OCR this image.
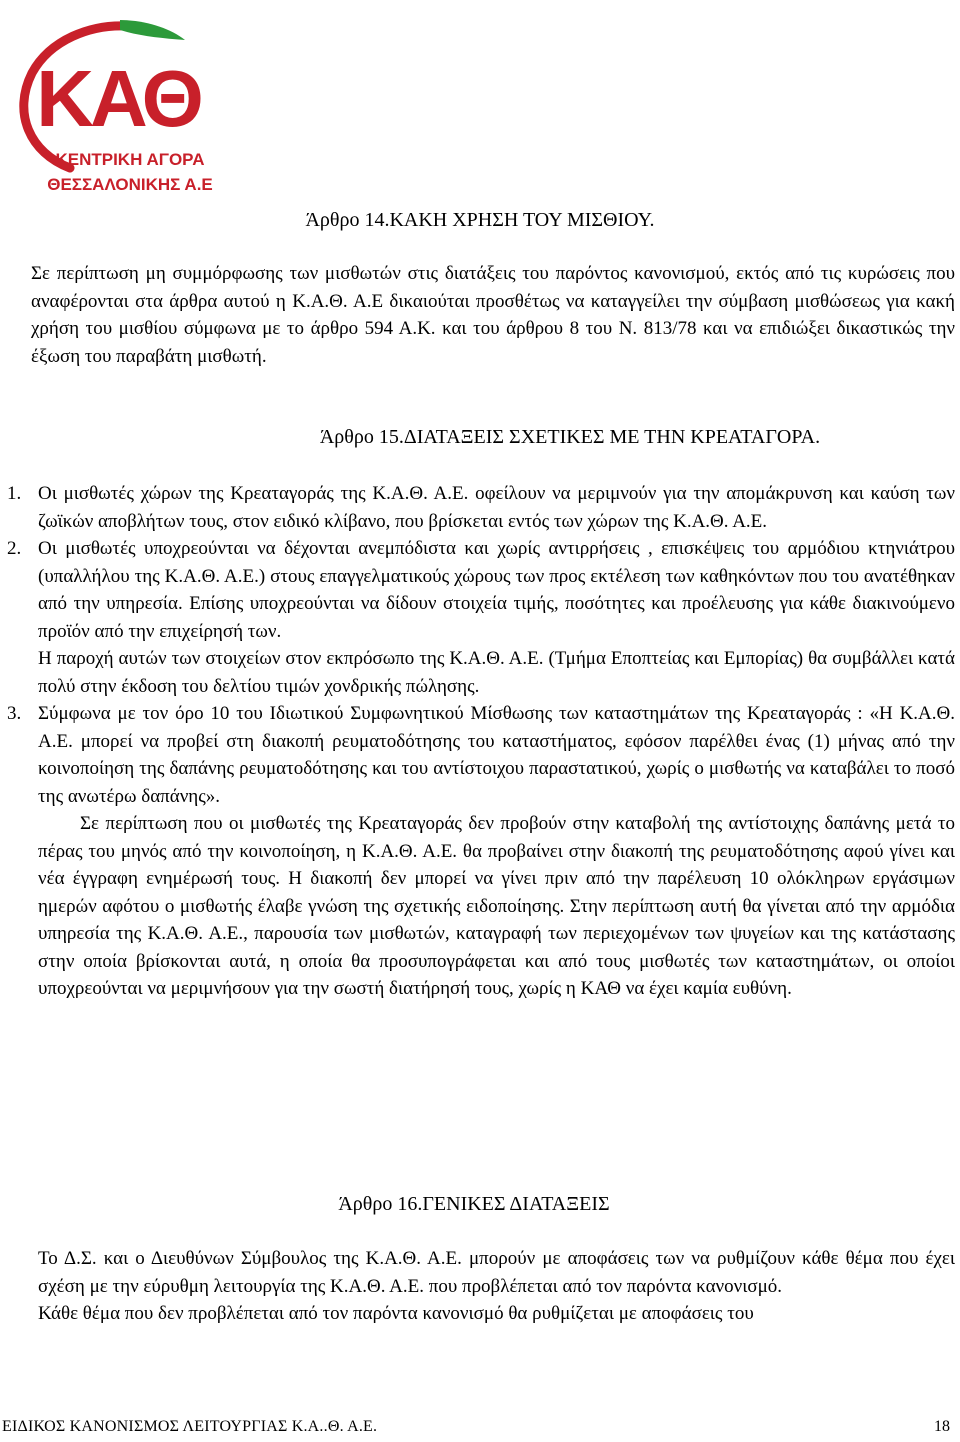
ΚΑΘ
ΚΕΝΤΡΙΚΗ ΑΓΟΡΑ
ΘΕΣΣΑΛΟΝΙΚΗΣ Α.Ε
Άρθρο 14.ΚΑΚΗ ΧΡΗΣΗ ΤΟΥ ΜΙΣΘΙΟΥ.

Σε περίπτωση μη συμμόρφωσης των μισθωτών στις διατάξεις του παρόντος κανονισμού, εκτός από τις κυρώσεις που αναφέρονται στα άρθρα αυτού η Κ.Α.Θ. Α.Ε δικαιούται προσθέτως να καταγγείλει την σύμβαση μισθώσεως για κακή χρήση του μισθίου σύμφωνα με το άρθρο 594 Α.Κ. και του άρθρου 8 του Ν. 813/78 και να επιδιώξει δικαστικώς την έξωση του παραβάτη μισθωτή.

Άρθρο 15.ΔΙΑΤΑΞΕΙΣ ΣΧΕΤΙΚΕΣ ΜΕ ΤΗΝ ΚΡΕΑΤΑΓΟΡΑ.
1. Οι μισθωτές χώρων της Κρεαταγοράς της Κ.Α.Θ. Α.Ε. οφείλουν να μεριμνούν για την απομάκρυνση και καύση των ζωϊκών αποβλήτων τους, στον ειδικό κλίβανο, που βρίσκεται εντός των χώρων της Κ.Α.Θ. Α.Ε.

2. Οι μισθωτές υποχρεούνται να δέχονται ανεμπόδιστα και χωρίς αντιρρήσεις , επισκέψεις του αρμόδιου κτηνιάτρου (υπαλλήλου της Κ.Α.Θ. Α.Ε.) στους επαγγελματικούς χώρους των προς εκτέλεση των καθηκόντων που του ανατέθηκαν από την υπηρεσία. Επίσης υποχρεούνται να δίδουν στοιχεία τιμής, ποσότητες και προέλευσης για κάθε διακινούμενο προϊόν από την επιχείρησή των.

Η παροχή αυτών των στοιχείων στον εκπρόσωπο της Κ.Α.Θ. Α.Ε. (Τμήμα Εποπτείας και Εμπορίας) θα συμβάλλει κατά πολύ στην έκδοση του δελτίου τιμών χονδρικής πώλησης.

3. Σύμφωνα με τον όρο 10 του Ιδιωτικού Συμφωνητικού Μίσθωσης των καταστημάτων της Κρεαταγοράς : «Η Κ.Α.Θ. Α.Ε. μπορεί να προβεί στη διακοπή ρευματοδότησης του καταστήματος, εφόσον παρέλθει ένας (1) μήνας από την κοινοποίηση της δαπάνης ρευματοδότησης και του αντίστοιχου παραστατικού, χωρίς ο μισθωτής να καταβάλει το ποσό της ανωτέρω δαπάνης».

Σε περίπτωση που οι μισθωτές της Κρεαταγοράς δεν προβούν στην καταβολή της αντίστοιχης δαπάνης μετά το πέρας του μηνός από την κοινοποίηση, η Κ.Α.Θ. Α.Ε. θα προβαίνει στην διακοπή της ρευματοδότησης αφού γίνει και νέα έγγραφη ενημέρωσή τους. Η διακοπή δεν μπορεί να γίνει πριν από την παρέλευση 10 ολόκληρων εργάσιμων ημερών αφότου ο μισθωτής έλαβε γνώση της σχετικής ειδοποίησης. Στην περίπτωση αυτή θα γίνεται από την αρμόδια υπηρεσία της Κ.Α.Θ. Α.Ε., παρουσία των μισθωτών, καταγραφή των περιεχομένων των ψυγείων και της κατάστασης στην οποία βρίσκονται αυτά, η οποία θα προσυπογράφεται και από τους μισθωτές των καταστημάτων, οι οποίοι υποχρεούνται να μεριμνήσουν για την σωστή διατήρησή τους, χωρίς η ΚΑΘ να έχει καμία ευθύνη.

Άρθρο 16.ΓΕΝΙΚΕΣ ΔΙΑΤΑΞΕΙΣ

Το Δ.Σ. και ο Διευθύνων Σύμβουλος της Κ.Α.Θ. Α.Ε. μπορούν με αποφάσεις των να ρυθμίζουν κάθε θέμα που έχει σχέση με την εύρυθμη λειτουργία της Κ.Α.Θ. Α.Ε. που προβλέπεται από τον παρόντα κανονισμό.

Κάθε θέμα που δεν προβλέπεται από τον παρόντα κανονισμό θα ρυθμίζεται με αποφάσεις του

ΕΙΔΙΚΟΣ ΚΑΝΟΝΙΣΜΟΣ ΛΕΙΤΟΥΡΓΙΑΣ Κ.Α..Θ. Α.Ε.	18
